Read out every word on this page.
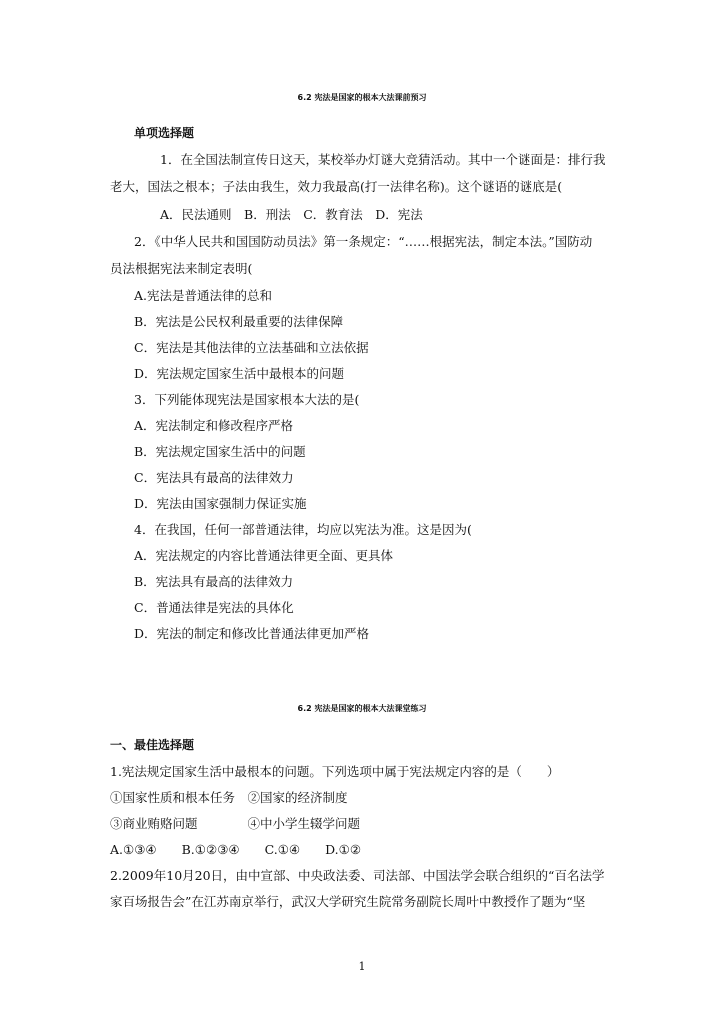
6.2 宪法是国家的根本大法课前预习
单项选择题
1．在全国法制宣传日这天，某校举办灯谜大竞猜活动。其中一个谜面是：排行我
老大，国法之根本；子法由我生，效力我最高(打一法律名称)。这个谜语的谜底是(
A．民法通则　B．刑法　C．教育法　D．宪法
2．《中华人民共和国国防动员法》第一条规定：“……根据宪法，制定本法。”国防动
员法根据宪法来制定表明(
A.宪法是普通法律的总和
B．宪法是公民权利最重要的法律保障
C．宪法是其他法律的立法基础和立法依据
D．宪法规定国家生活中最根本的问题
3．下列能体现宪法是国家根本大法的是(
A．宪法制定和修改程序严格
B．宪法规定国家生活中的问题
C．宪法具有最高的法律效力
D．宪法由国家强制力保证实施
4．在我国，任何一部普通法律，均应以宪法为准。这是因为(
A．宪法规定的内容比普通法律更全面、更具体
B．宪法具有最高的法律效力
C．普通法律是宪法的具体化
D．宪法的制定和修改比普通法律更加严格
6.2 宪法是国家的根本大法课堂练习
一、最佳选择题
1.宪法规定国家生活中最根本的问题。下列选项中属于宪法规定内容的是（　　）
①国家性质和根本任务　②国家的经济制度
③商业贿赂问题　　　　④中小学生辍学问题
A.①③④　　B.①②③④　　C.①④　　D.①②
2.2009年10月20日，由中宣部、中央政法委、司法部、中国法学会联合组织的“百名法学
家百场报告会”在江苏南京举行，武汉大学研究生院常务副院长周叶中教授作了题为“坚
1
